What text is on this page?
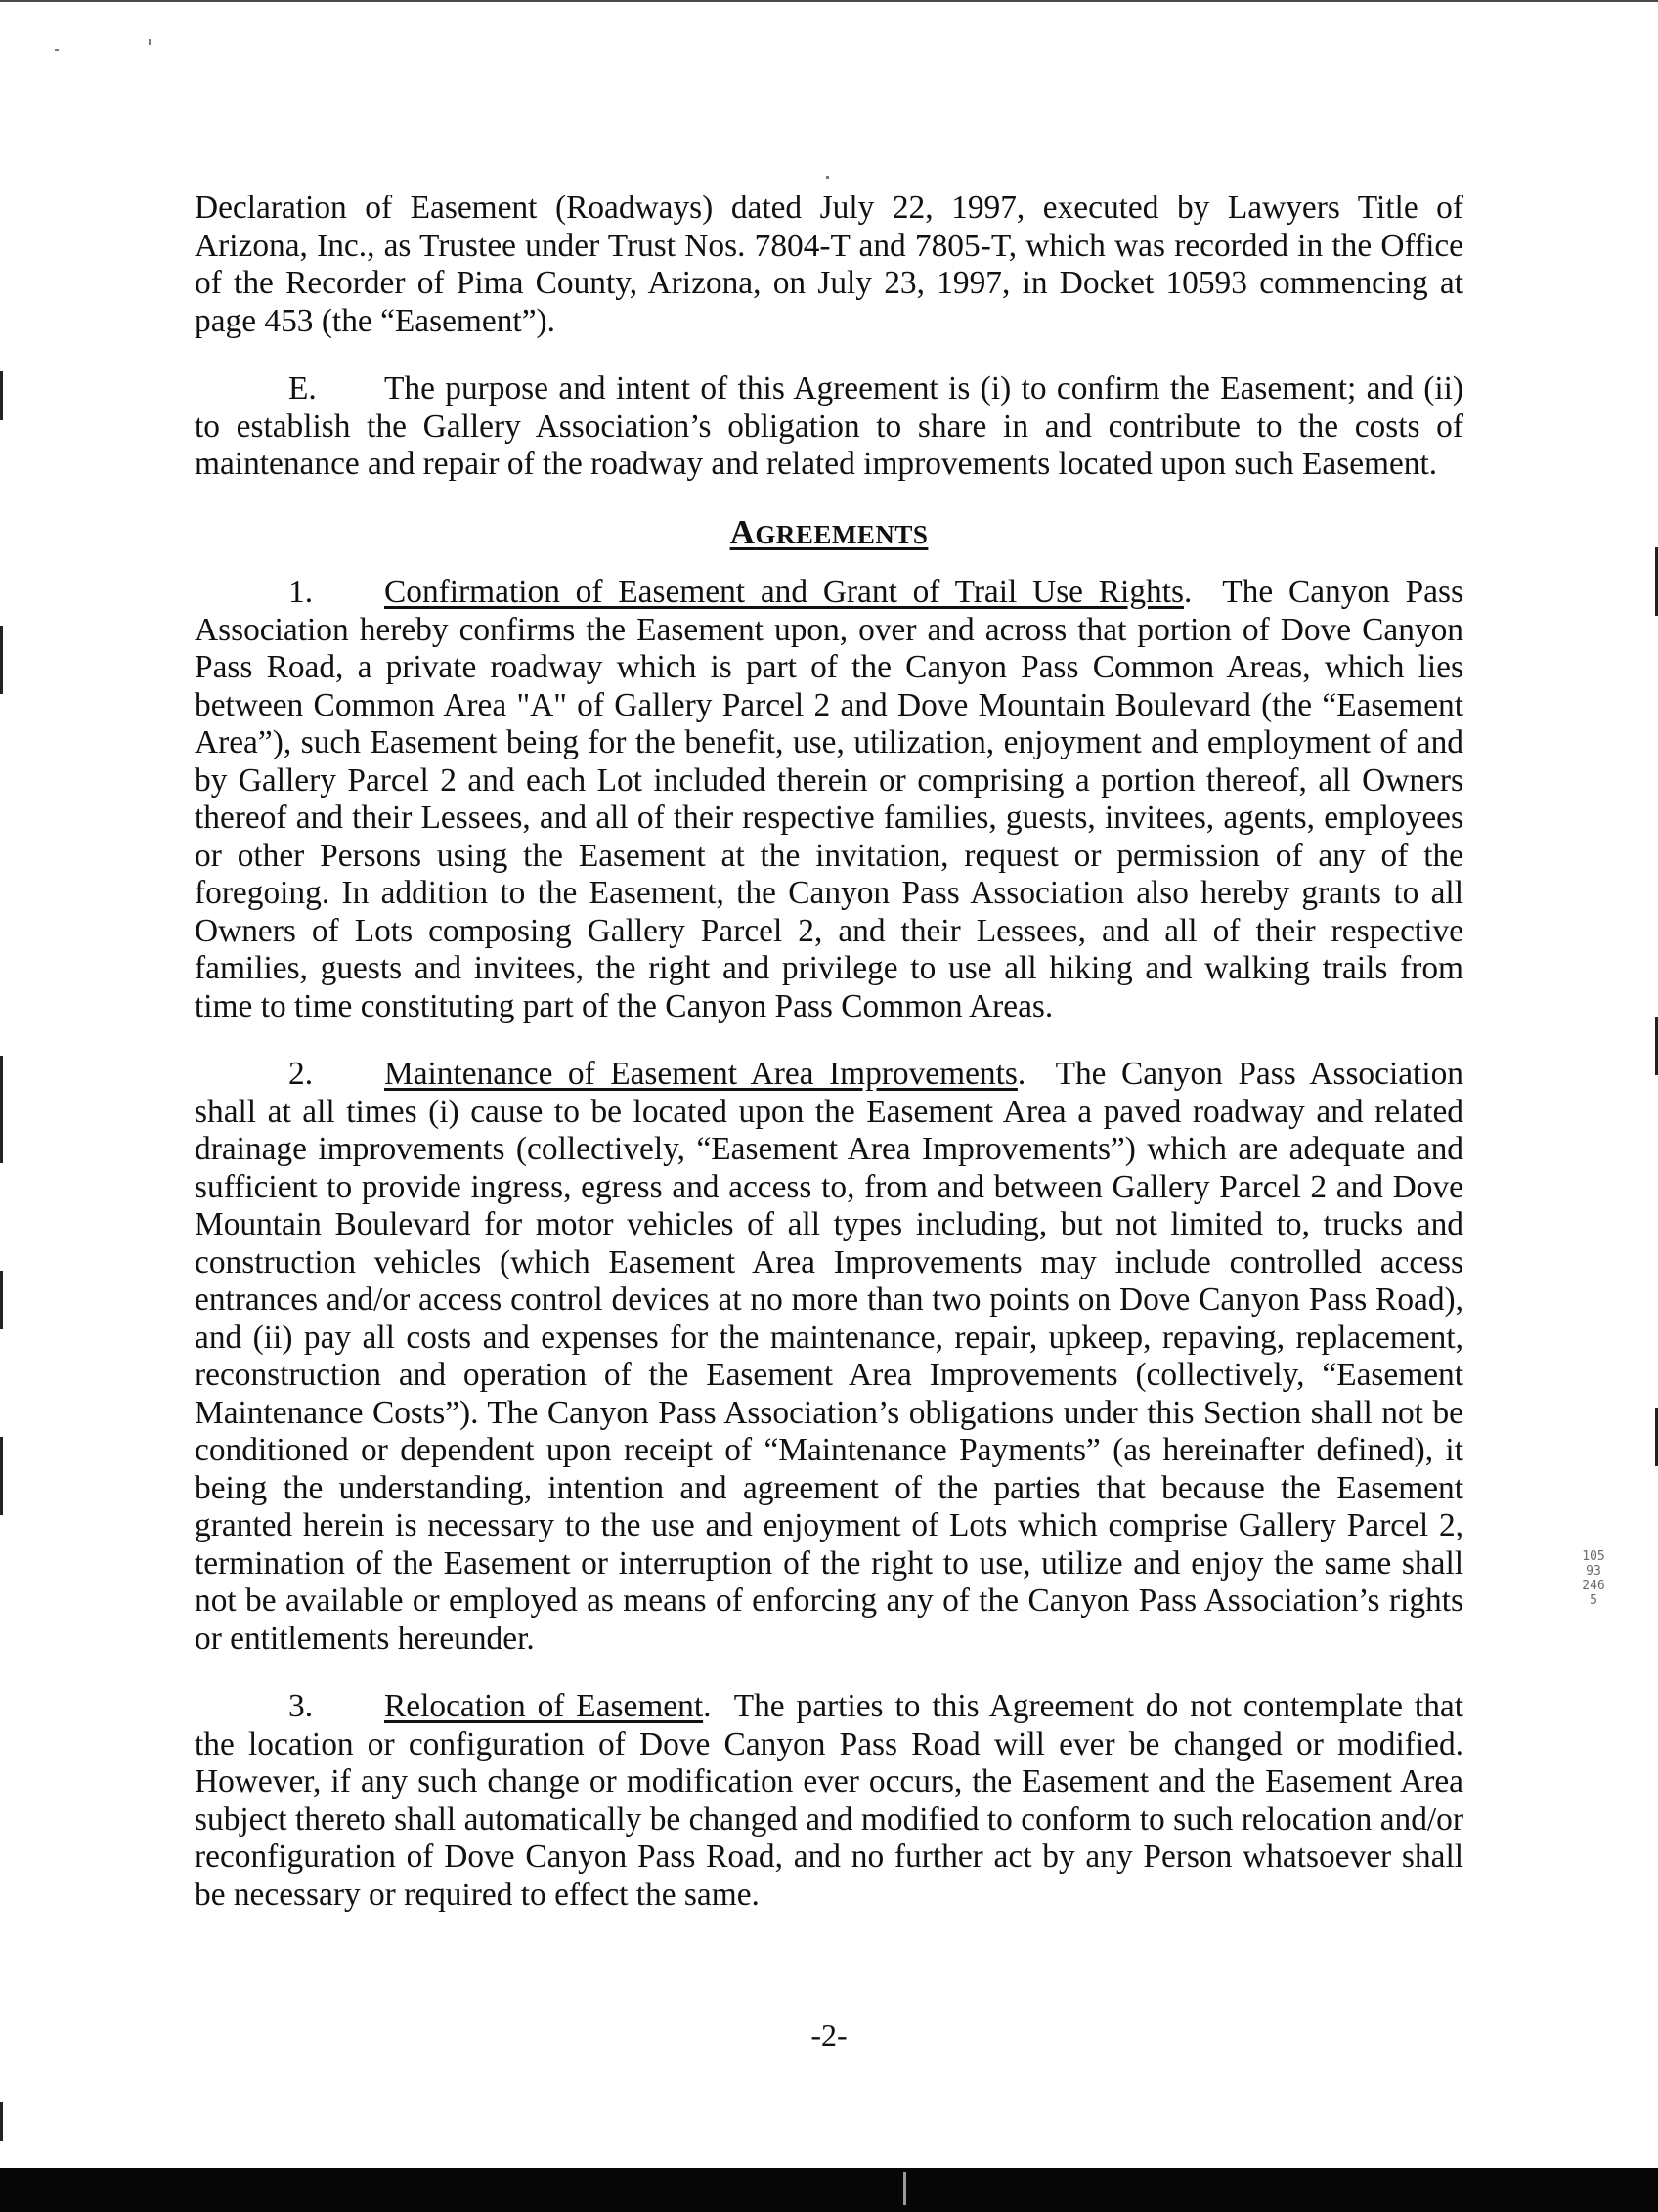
Declaration of Easement (Roadways) dated July 22, 1997, executed by Lawyers Title of Arizona, Inc., as Trustee under Trust Nos. 7804-T and 7805-T, which was recorded in the Office of the Recorder of Pima County, Arizona, on July 23, 1997, in Docket 10593 commencing at page 453 (the “Easement”).

E. The purpose and intent of this Agreement is (i) to confirm the Easement; and (ii) to establish the Gallery Association’s obligation to share in and contribute to the costs of maintenance and repair of the roadway and related improvements located upon such Easement.

AGREEMENTS

1. Confirmation of Easement and Grant of Trail Use Rights.  The Canyon Pass Association hereby confirms the Easement upon, over and across that portion of Dove Canyon Pass Road, a private roadway which is part of the Canyon Pass Common Areas, which lies between Common Area "A" of Gallery Parcel 2 and Dove Mountain Boulevard (the “Easement Area”), such Easement being for the benefit, use, utilization, enjoyment and employment of and by Gallery Parcel 2 and each Lot included therein or comprising a portion thereof, all Owners thereof and their Lessees, and all of their respective families, guests, invitees, agents, employees or other Persons using the Easement at the invitation, request or permission of any of the foregoing. In addition to the Easement, the Canyon Pass Association also hereby grants to all Owners of Lots composing Gallery Parcel 2, and their Lessees, and all of their respective families, guests and invitees, the right and privilege to use all hiking and walking trails from time to time constituting part of the Canyon Pass Common Areas.

2. Maintenance of Easement Area Improvements.  The Canyon Pass Association shall at all times (i) cause to be located upon the Easement Area a paved roadway and related drainage improvements (collectively, “Easement Area Improvements”) which are adequate and sufficient to provide ingress, egress and access to, from and between Gallery Parcel 2 and Dove Mountain Boulevard for motor vehicles of all types including, but not limited to, trucks and construction vehicles (which Easement Area Improvements may include controlled access entrances and/or access control devices at no more than two points on Dove Canyon Pass Road), and (ii) pay all costs and expenses for the maintenance, repair, upkeep, repaving, replacement, reconstruction and operation of the Easement Area Improvements (collectively, “Easement Maintenance Costs”). The Canyon Pass Association’s obligations under this Section shall not be conditioned or dependent upon receipt of “Maintenance Payments” (as hereinafter defined), it being the understanding, intention and agreement of the parties that because the Easement granted herein is necessary to the use and enjoyment of Lots which comprise Gallery Parcel 2, termination of the Easement or interruption of the right to use, utilize and enjoy the same shall not be available or employed as means of enforcing any of the Canyon Pass Association’s rights or entitlements hereunder.

3. Relocation of Easement.  The parties to this Agreement do not contemplate that the location or configuration of Dove Canyon Pass Road will ever be changed or modified. However, if any such change or modification ever occurs, the Easement and the Easement Area subject thereto shall automatically be changed and modified to conform to such relocation and/or reconfiguration of Dove Canyon Pass Road, and no further act by any Person whatsoever shall be necessary or required to effect the same.

10593 2465
-2-
